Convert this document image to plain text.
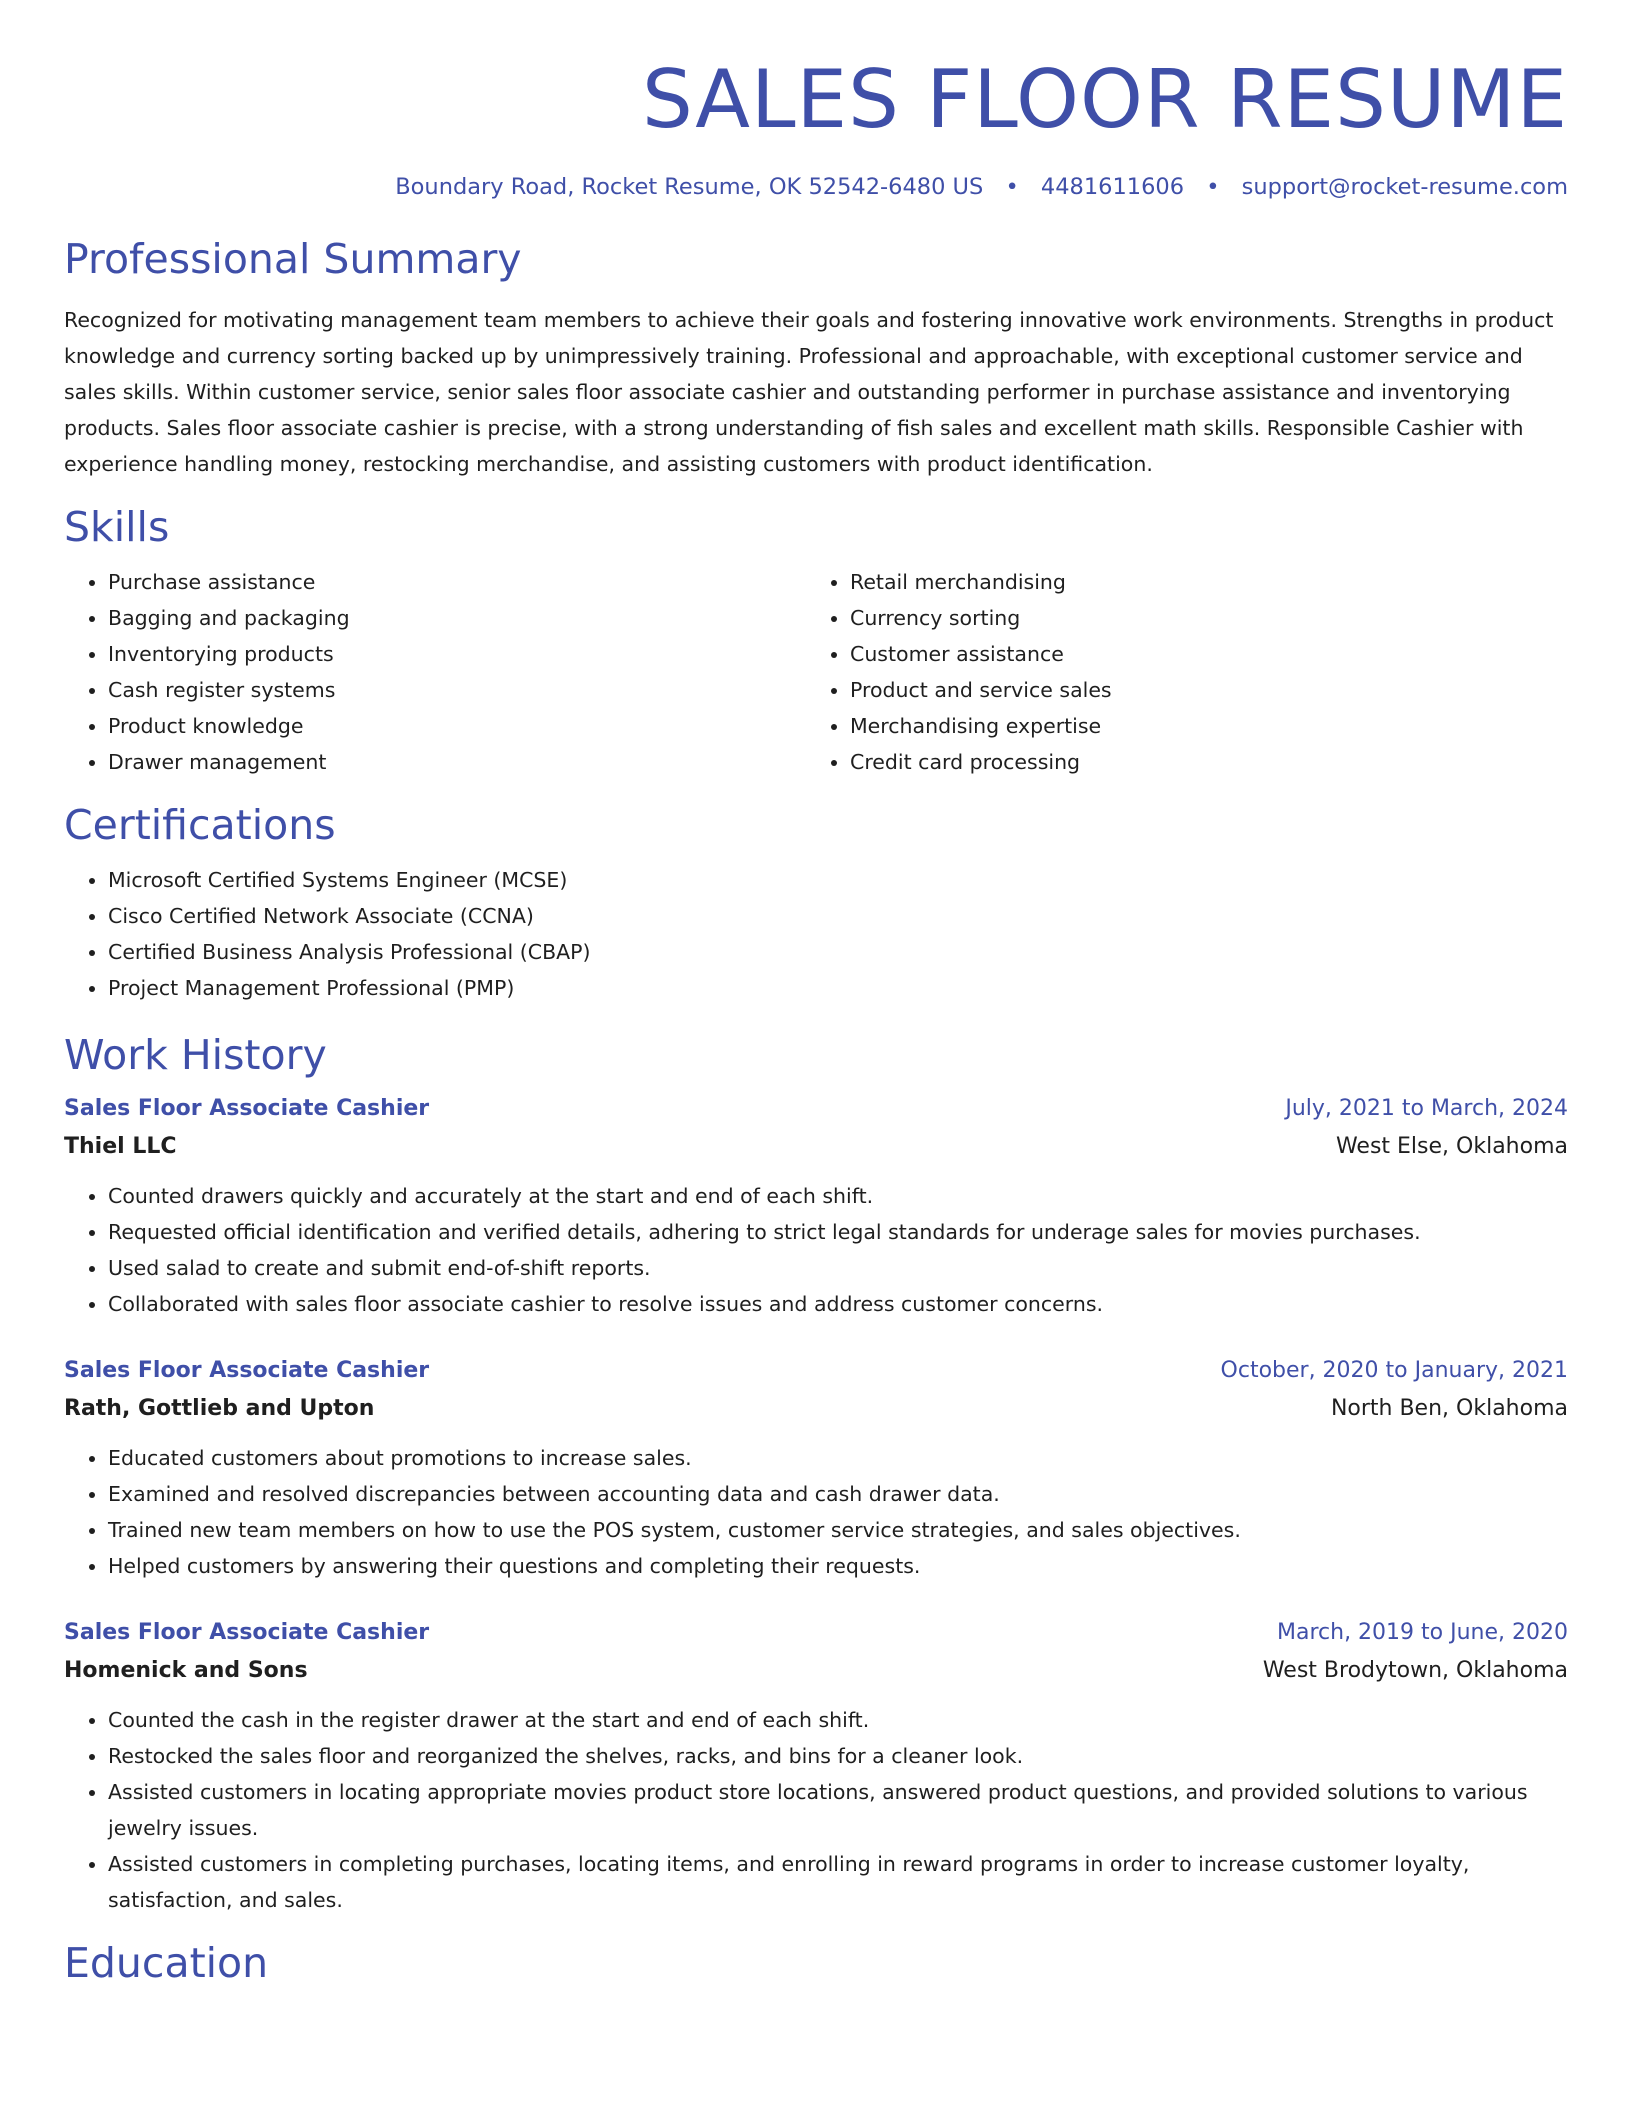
SALES FLOOR RESUME
Boundary Road, Rocket Resume, OK 52542-6480 US • 4481611606 • support@rocket-resume.com
Professional Summary

Recognized for motivating management team members to achieve their goals and fostering innovative work environments. Strengths in product knowledge and currency sorting backed up by unimpressively training. Professional and approachable, with exceptional customer service and sales skills. Within customer service, senior sales floor associate cashier and outstanding performer in purchase assistance and inventorying products. Sales floor associate cashier is precise, with a strong understanding of fish sales and excellent math skills. Responsible Cashier with experience handling money, restocking merchandise, and assisting customers with product identification.

Skills
• Purchase assistance
• Bagging and packaging
• Inventorying products
• Cash register systems
• Product knowledge
• Drawer management
• Retail merchandising
• Currency sorting
• Customer assistance
• Product and service sales
• Merchandising expertise
• Credit card processing
Certifications
• Microsoft Certified Systems Engineer (MCSE)
• Cisco Certified Network Associate (CCNA)
• Certified Business Analysis Professional (CBAP)
• Project Management Professional (PMP)
Work History
Sales Floor Associate Cashier	July, 2021 to March, 2024
Thiel LLC	West Else, Oklahoma
• Counted drawers quickly and accurately at the start and end of each shift.
• Requested official identification and verified details, adhering to strict legal standards for underage sales for movies purchases.
• Used salad to create and submit end-of-shift reports.
• Collaborated with sales floor associate cashier to resolve issues and address customer concerns.
Sales Floor Associate Cashier	October, 2020 to January, 2021
Rath, Gottlieb and Upton	North Ben, Oklahoma
• Educated customers about promotions to increase sales.
• Examined and resolved discrepancies between accounting data and cash drawer data.
• Trained new team members on how to use the POS system, customer service strategies, and sales objectives.
• Helped customers by answering their questions and completing their requests.
Sales Floor Associate Cashier	March, 2019 to June, 2020
Homenick and Sons	West Brodytown, Oklahoma
• Counted the cash in the register drawer at the start and end of each shift.
• Restocked the sales floor and reorganized the shelves, racks, and bins for a cleaner look.
• Assisted customers in locating appropriate movies product store locations, answered product questions, and provided solutions to various jewelry issues.
• Assisted customers in completing purchases, locating items, and enrolling in reward programs in order to increase customer loyalty, satisfaction, and sales.
Education
